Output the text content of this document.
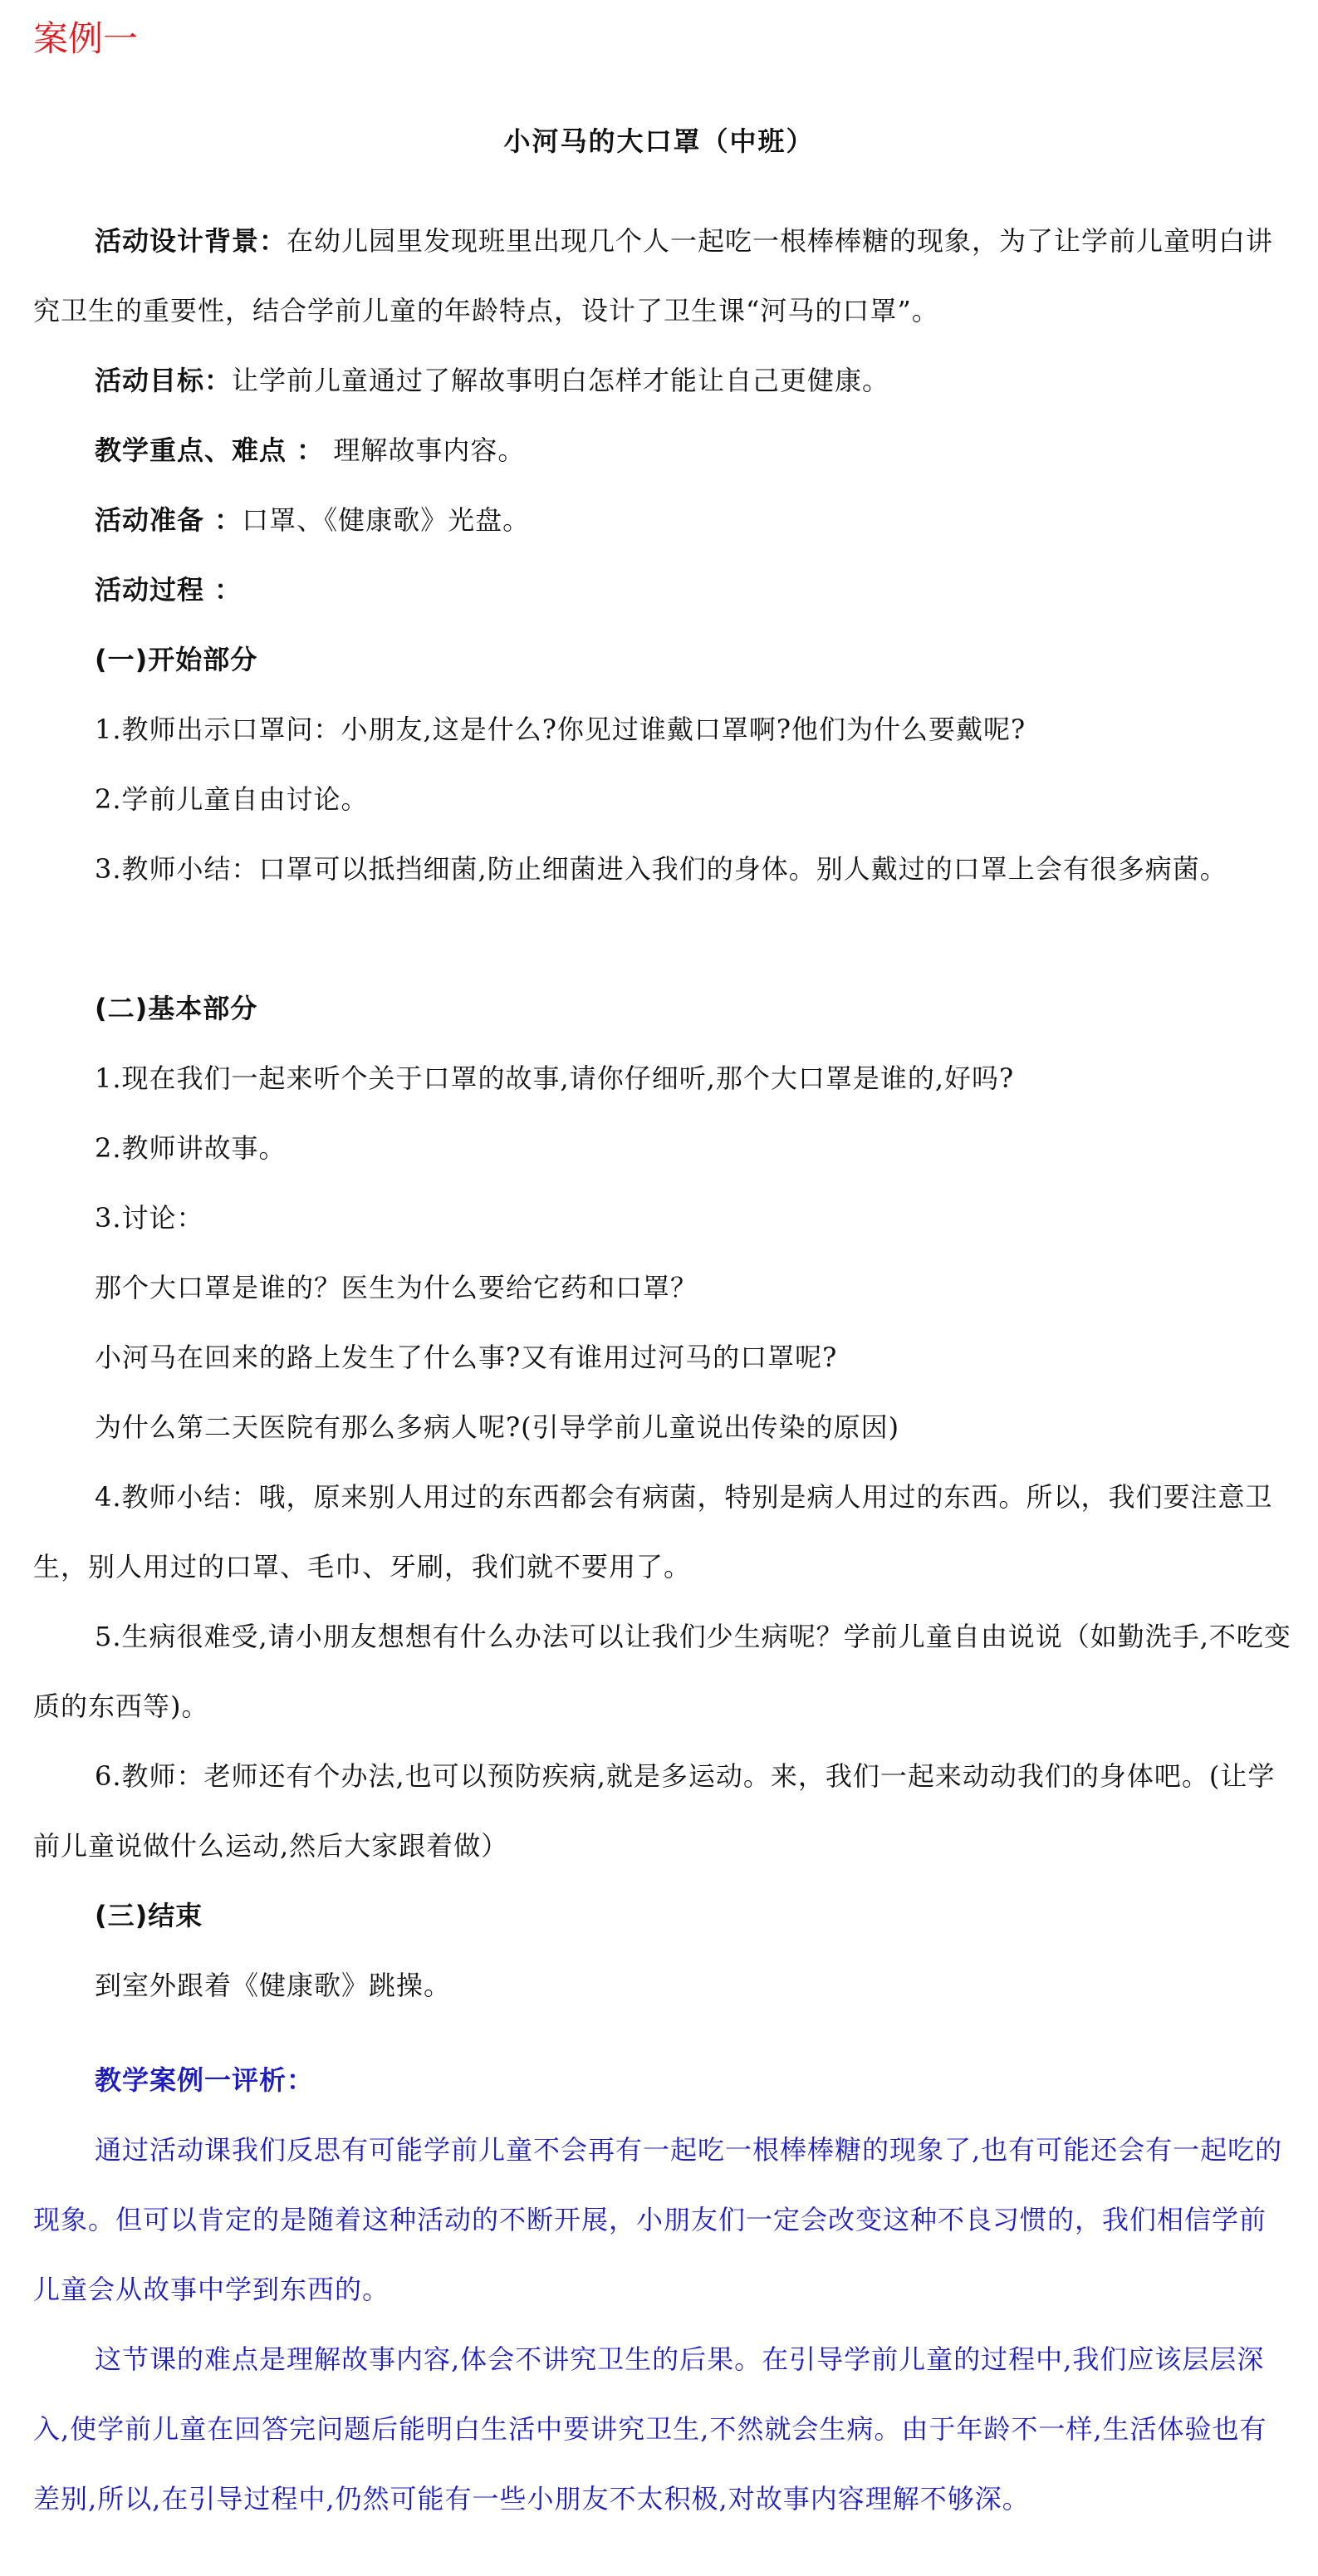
案例一
小河马的大口罩（中班）

活动设计背景：在幼儿园里发现班里出现几个人一起吃一根棒棒糖的现象，为了让学前儿童明白讲究卫生的重要性，结合学前儿童的年龄特点，设计了卫生课“河马的口罩”。

活动目标：让学前儿童通过了解故事明白怎样才能让自己更健康。

教学重点、难点 ： 理解故事内容。

活动准备 ：口罩、《健康歌》光盘。

活动过程 ：

(一)开始部分

1.教师出示口罩问：小朋友,这是什么?你见过谁戴口罩啊?他们为什么要戴呢?

2.学前儿童自由讨论。

3.教师小结：口罩可以抵挡细菌,防止细菌进入我们的身体。别人戴过的口罩上会有很多病菌。

(二)基本部分

1.现在我们一起来听个关于口罩的故事,请你仔细听,那个大口罩是谁的,好吗?

2.教师讲故事。

3.讨论：

那个大口罩是谁的？医生为什么要给它药和口罩？

小河马在回来的路上发生了什么事?又有谁用过河马的口罩呢?

为什么第二天医院有那么多病人呢?(引导学前儿童说出传染的原因)

4.教师小结：哦，原来别人用过的东西都会有病菌，特别是病人用过的东西。所以，我们要注意卫生，别人用过的口罩、毛巾、牙刷，我们就不要用了。

5.生病很难受,请小朋友想想有什么办法可以让我们少生病呢？学前儿童自由说说（如勤洗手,不吃变质的东西等)。

6.教师：老师还有个办法,也可以预防疾病,就是多运动。来，我们一起来动动我们的身体吧。(让学前儿童说做什么运动,然后大家跟着做）

(三)结束

到室外跟着《健康歌》跳操。

教学案例一评析：

通过活动课我们反思有可能学前儿童不会再有一起吃一根棒棒糖的现象了,也有可能还会有一起吃的现象。但可以肯定的是随着这种活动的不断开展，小朋友们一定会改变这种不良习惯的，我们相信学前儿童会从故事中学到东西的。

这节课的难点是理解故事内容,体会不讲究卫生的后果。在引导学前儿童的过程中,我们应该层层深入,使学前儿童在回答完问题后能明白生活中要讲究卫生,不然就会生病。由于年龄不一样,生活体验也有差别,所以,在引导过程中,仍然可能有一些小朋友不太积极,对故事内容理解不够深。
